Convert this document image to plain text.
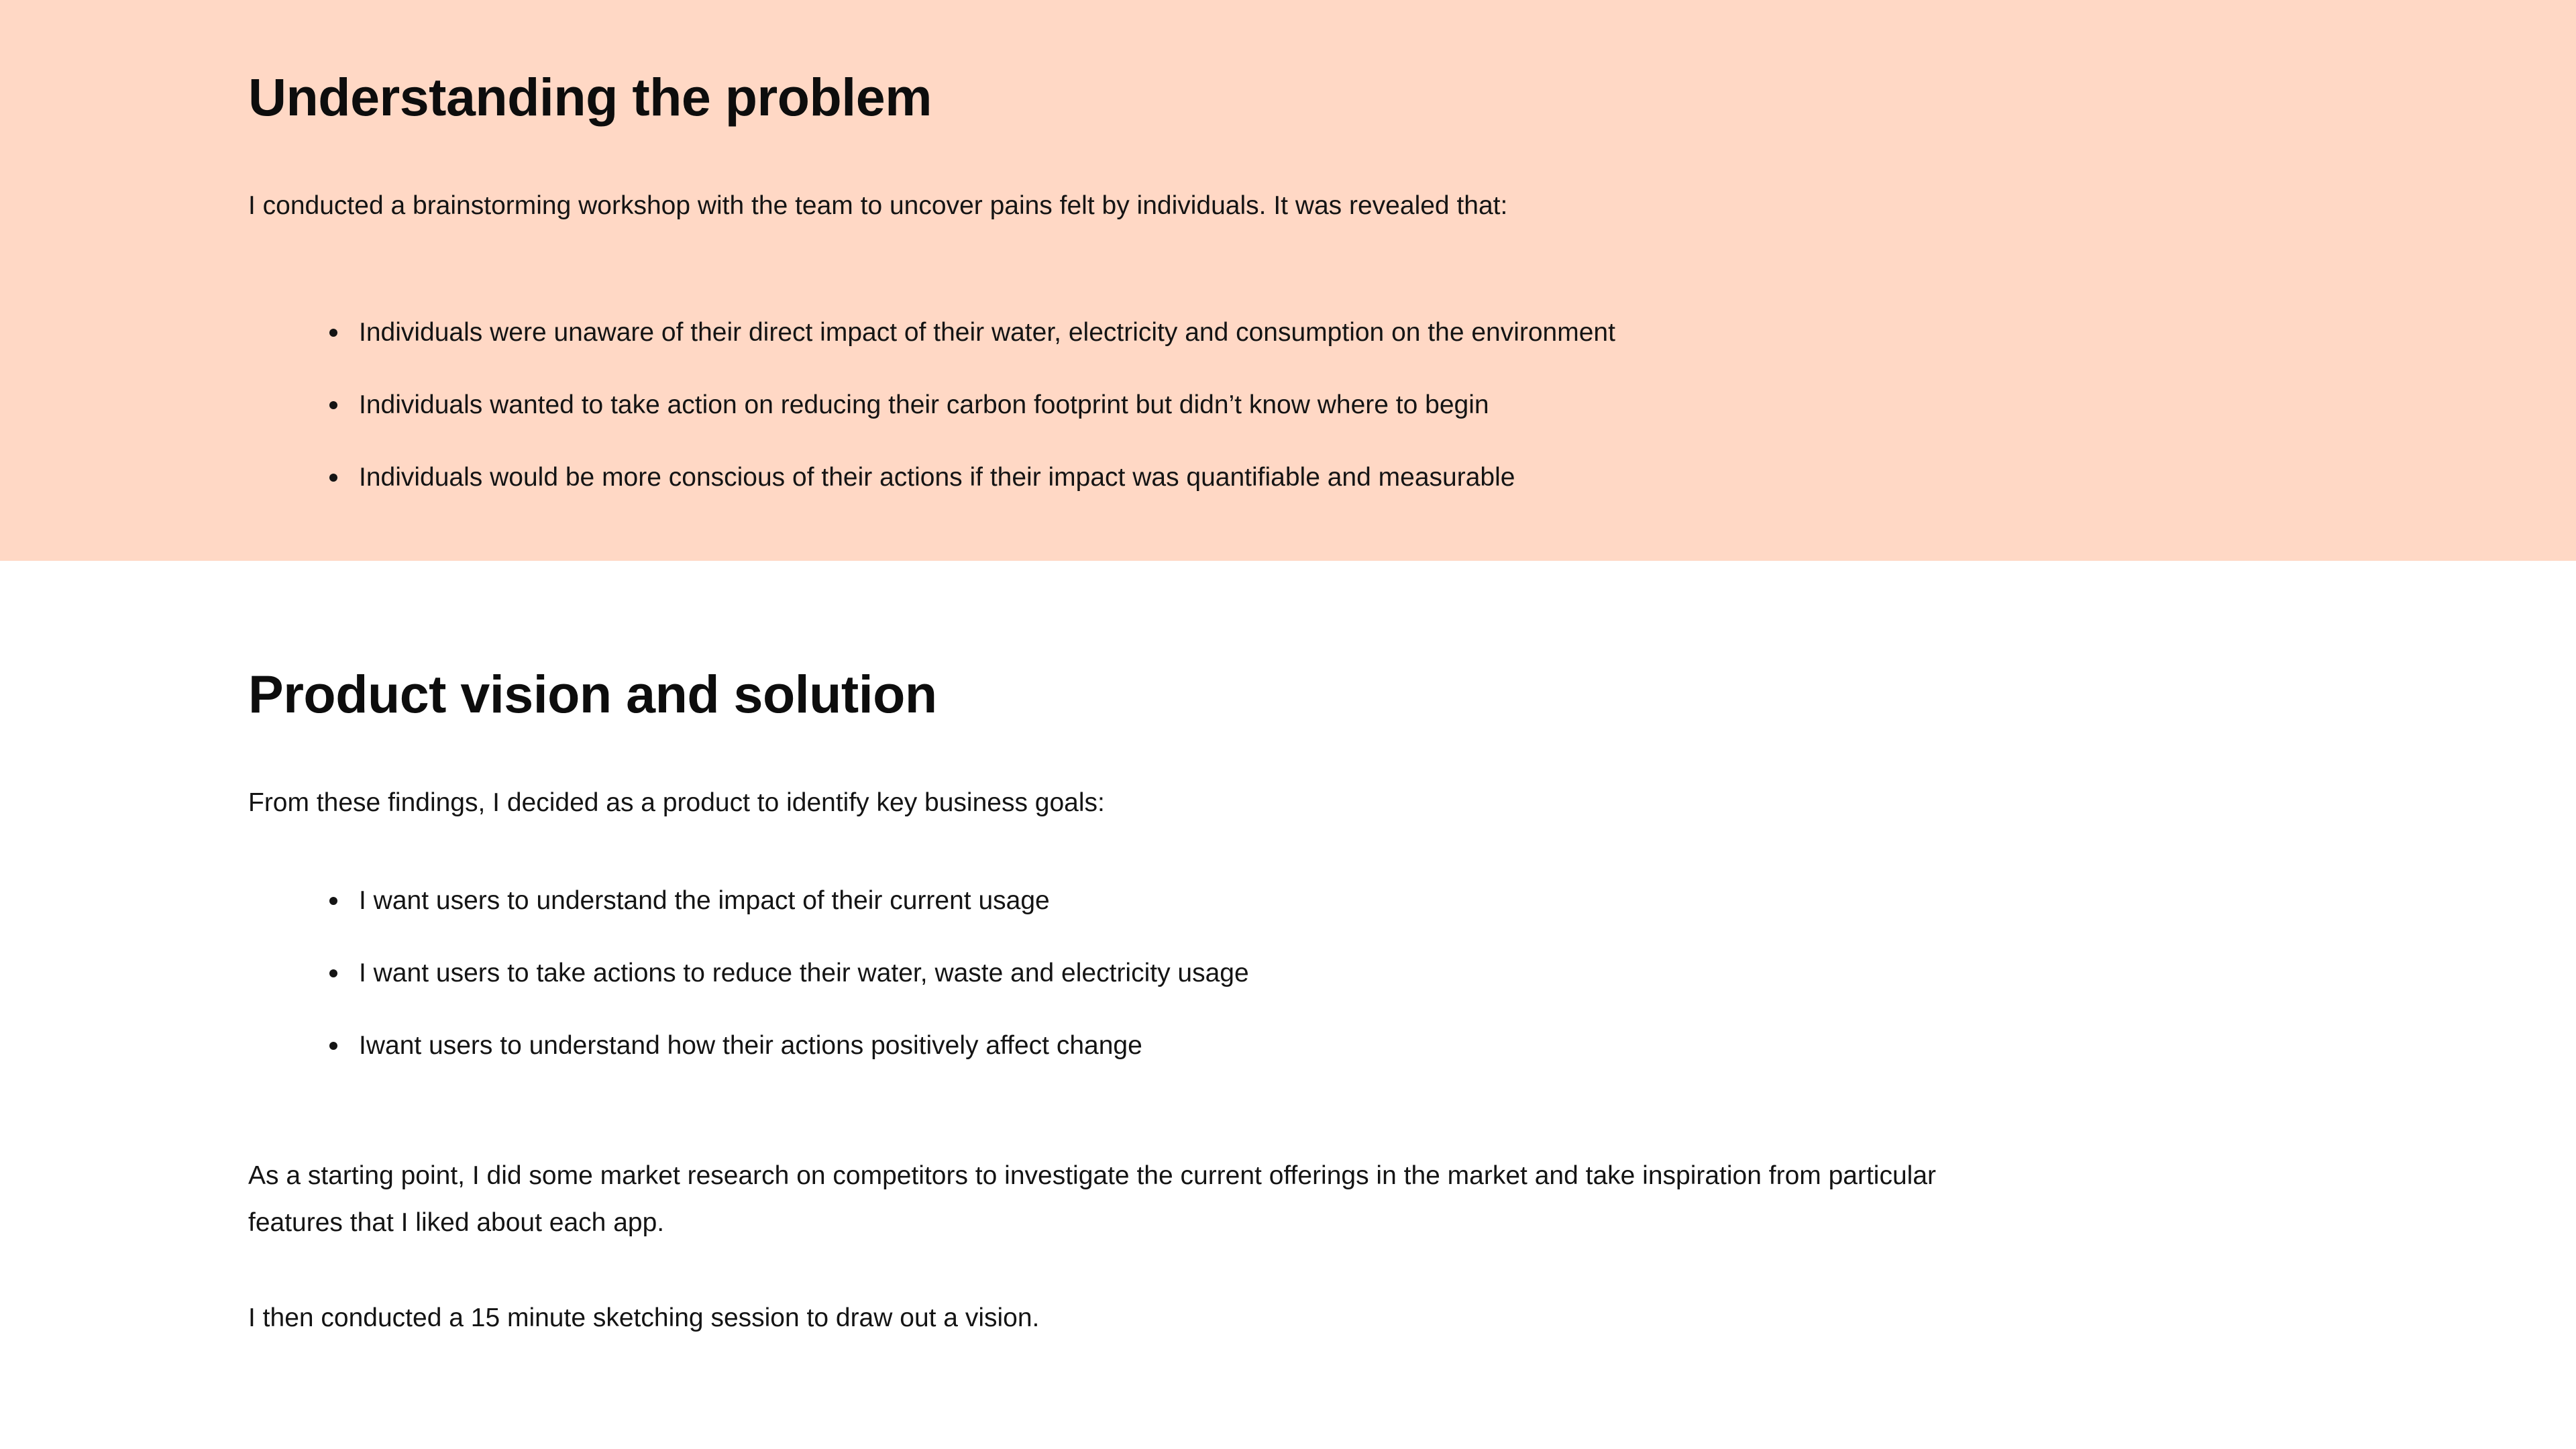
Understanding the problem

I conducted a brainstorming workshop with the team to uncover pains felt by individuals. It was revealed that:

Individuals were unaware of their direct impact of their water, electricity and consumption on the environment
Individuals wanted to take action on reducing their carbon footprint but didn’t know where to begin
Individuals would be more conscious of their actions if their impact was quantifiable and measurable
Product vision and solution

From these findings, I decided as a product to identify key business goals:

I want users to understand the impact of their current usage
I want users to take actions to reduce their water, waste and electricity usage
Iwant users to understand how their actions positively affect change

As a starting point, I did some market research on competitors to investigate the current offerings in the market and take inspiration from particular features that I liked about each app.

I then conducted a 15 minute sketching session to draw out a vision.
